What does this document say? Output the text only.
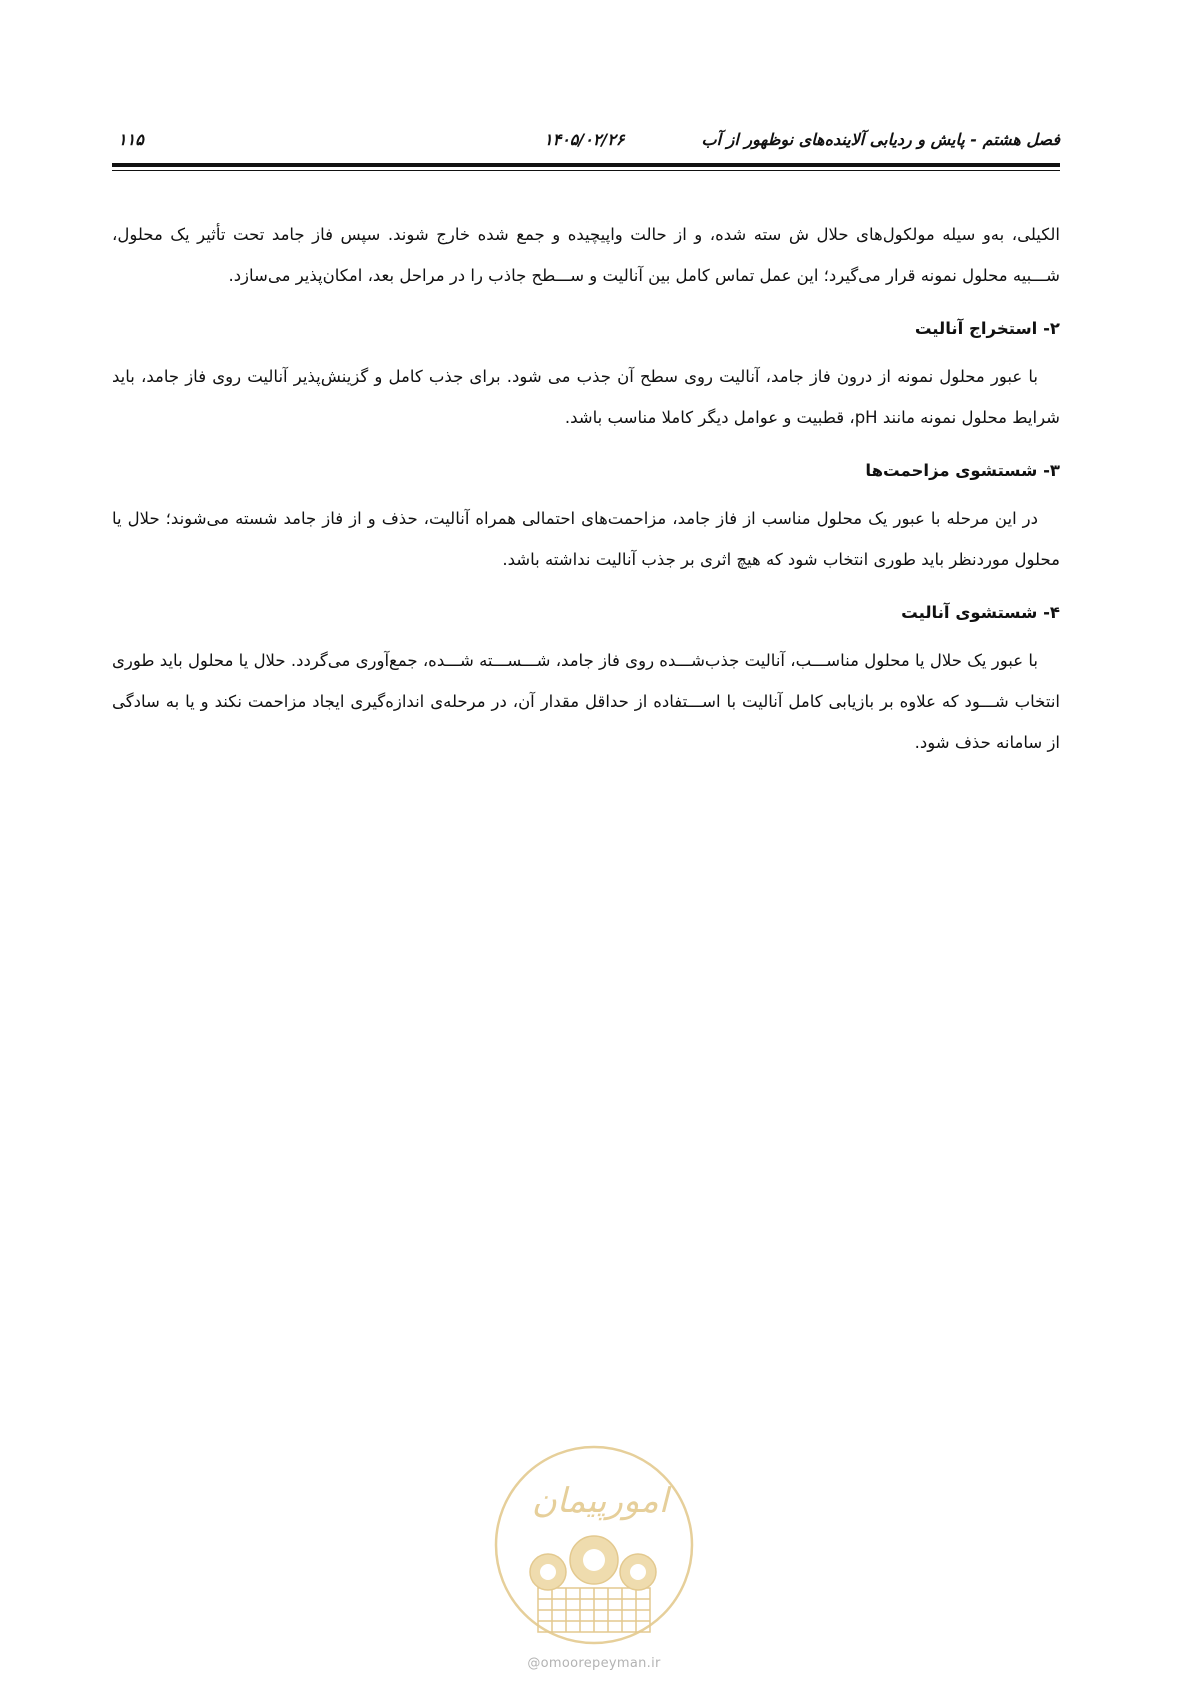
فصل هشتم - پایش و ردیابی آلاینده‌های نوظهور از آب
۱۴۰۵/۰۲/۲۶
۱۱۵

الکیلی، به‌و سیله مولکول‌های حلال ش سته شده، و از حالت واپیچیده و جمع شده خارج شوند. سپس فاز جامد تحت تأثیر یک محلول، شـــبیه محلول نمونه قرار می‌گیرد؛ این عمل تماس کامل بین آنالیت و ســـطح جاذب را در مراحل بعد، امکان‌پذیر می‌سازد.

۲- استخراج آنالیت

با عبور محلول نمونه از درون فاز جامد، آنالیت روی سطح آن جذب می شود. برای جذب کامل و گزینش‌پذیر آنالیت روی فاز جامد، باید شرایط محلول نمونه مانند pH، قطبیت و عوامل دیگر کاملا مناسب باشد.

۳- شستشوی مزاحمت‌ها

در این مرحله با عبور یک محلول مناسب از فاز جامد، مزاحمت‌های احتمالی همراه آنالیت، حذف و از فاز جامد شسته می‌شوند؛ حلال یا محلول موردنظر باید طوری انتخاب شود که هیچ اثری بر جذب آنالیت نداشته باشد.

۴- شستشوی آنالیت

با عبور یک حلال یا محلول مناســـب، آنالیت جذب‌شـــده روی فاز جامد، شـــســـته شـــده، جمع‌آوری می‌گردد. حلال یا محلول باید طوری انتخاب شـــود که علاوه بر بازیابی کامل آنالیت با اســـتفاده از حداقل مقدار آن، در مرحله‌ی اندازه‌گیری ایجاد مزاحمت نکند و یا به سادگی از سامانه حذف شود.

امورپیمان
@omoorepeyman.ir
